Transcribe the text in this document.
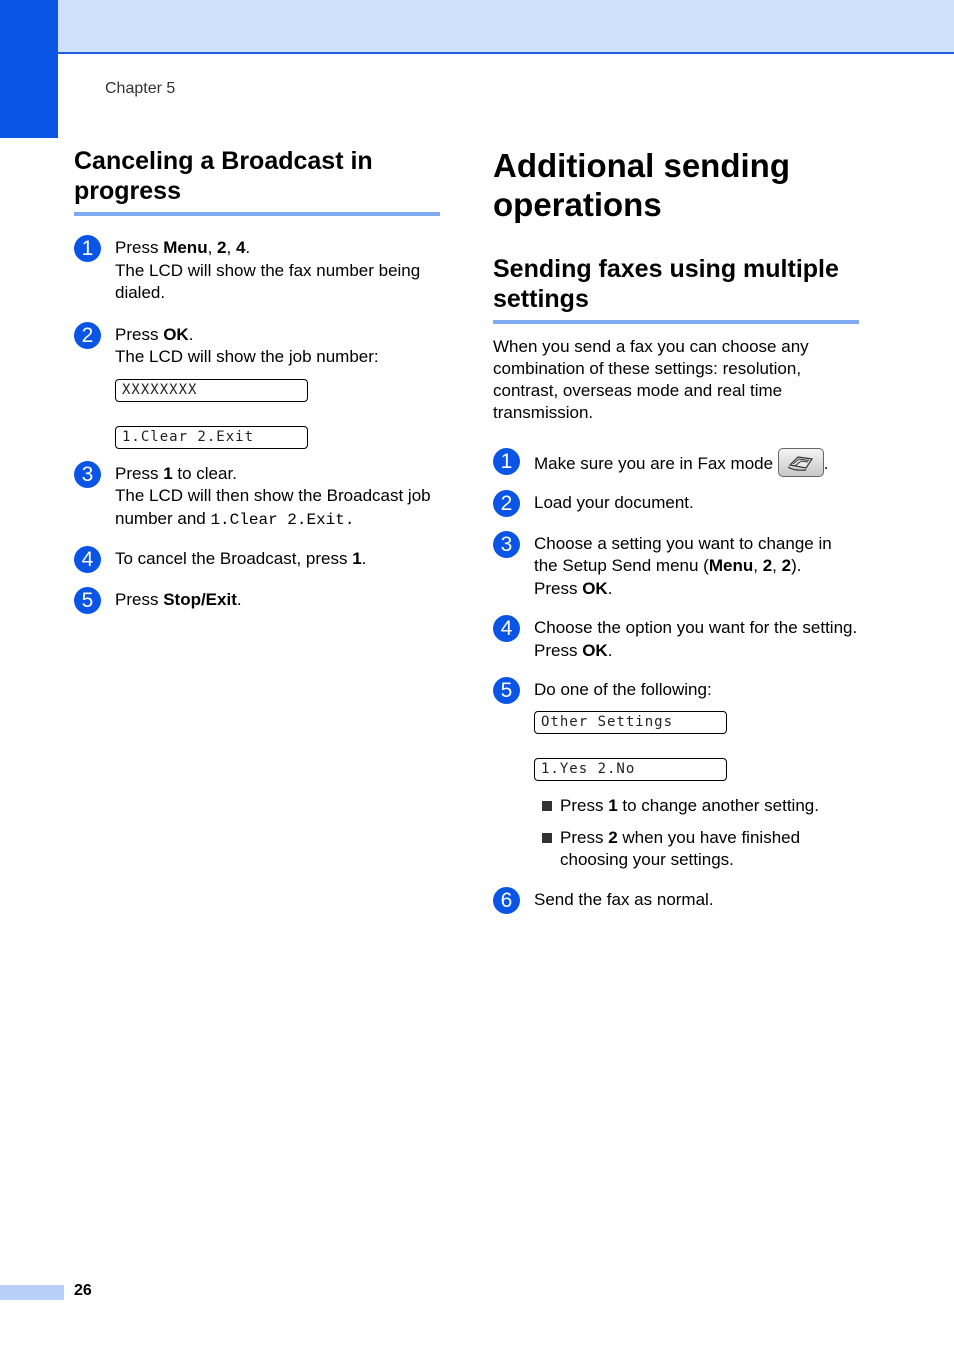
Chapter 5
Canceling a Broadcast in progress
1	Press Menu, 2, 4.
The LCD will show the fax number being dialed.
2	Press OK.
The LCD will show the job number:
XXXXXXXX
1.Clear 2.Exit
3	Press 1 to clear.
The LCD will then show the Broadcast job number and 1.Clear 2.Exit.
4	To cancel the Broadcast, press 1.
5	Press Stop/Exit.
Additional sending operations
Sending faxes using multiple settings
When you send a fax you can choose any combination of these settings: resolution, contrast, overseas mode and real time transmission.
1	Make sure you are in Fax mode	.
2	Load your document.
3	Choose a setting you want to change in the Setup Send menu (Menu, 2, 2).
Press OK.
4	Choose the option you want for the setting.
Press OK.
5	Do one of the following:
Other Settings
1.Yes 2.No
Press 1 to change another setting.
Press 2 when you have finished choosing your settings.
6	Send the fax as normal.
26
